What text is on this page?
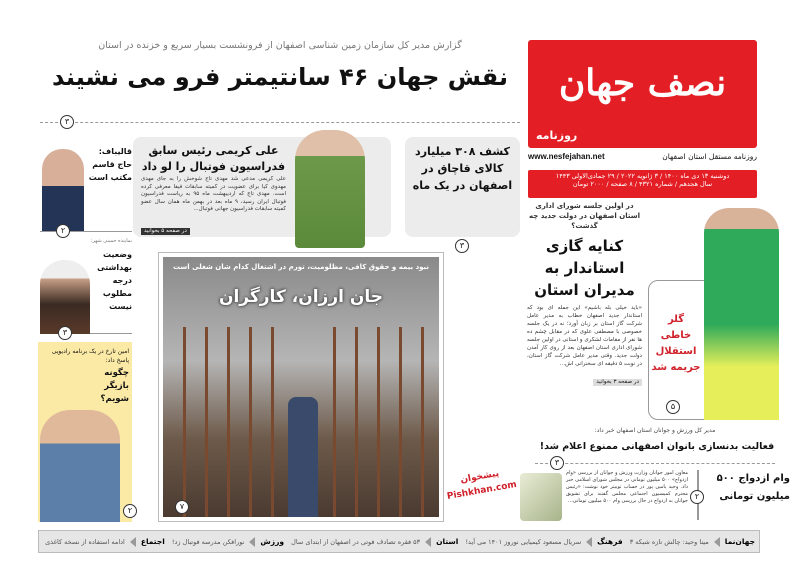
گزارش مدیر کل سازمان زمین شناسی اصفهان از فرونشست بسیار سریع و خزنده در استان
نقش جهان ۴۶ سانتیمتر فرو می نشیند
۳
نصف جهان
روزنامه
روزنامه مستقل استان اصفهان
www.nesfejahan.net
دوشنبه ۱۳ دی ماه ۱۴۰۰ / ۳ ژانویه ۲۰۲۲ / ۲۹ جمادی‌الاولی ۱۴۴۳
سال هجدهم / شماره ۴۳۲۱ / ۸ صفحه / ۲۰۰۰ تومان
کشف ۳۰۸ میلیارد کالای قاچاق در اصفهان در یک ماه
۳
علی کریمی رئیس سابق فدراسیون فوتبال را لو داد
علی کریمی مدعی شد مهدی تاج شوخش را به جای مهدی مهدوی کیا برای عضویت در کمیته سابقات فیفا معرفی کرده است. مهدی تاج که اردیبهشت ماه ۹۵ به ریاست فدراسیون فوتبال ایران رسید، ۹ ماه بعد در بهمن ماه همان سال عضو کمیته سابقات فدراسیون جهانی فوتبال...
در صفحه ۵ بخوانید
قالیباف: حاج قاسم مکتب است
۲
نماینده خمینی شهر:
وضعیت بهداشتی درجه مطلوب نیست
۳
امین تارخ در یک برنامه رادیویی پاسخ داد:
چگونه بازیگر شویم؟
۲
نبود بیمه و حقوق کافی، مظلومیت، تورم در اشتغال کدام شان شغلی است
جان ارزان، کارگران
۷
در اولین جلسه شورای اداری استان اصفهان در دولت جدید چه گذشت؟
کنایه گازی استاندار به مدیران استان
«باید خیلی بله باشیم» این جمله ای بود که استاندار جدید اصفهان خطاب به مدیر عامل شرکت گاز استان بر زبان آورد؛ نه در یک جلسه خصوصی با مصطفی علوی که در مقابل چشم ده ها نفر از مقامات لشکری و استانی در اولین جلسه شورای اداری استان اصفهان بعد از روی کار آمدن دولت جدید. وقتی مدیر عامل شرکت گاز استان، در نوبت ۵ دقیقه ای سخنرانی اش...
در صفحه ۳ بخوانید
گلر خاطی استقلال جریمه شد
۵
مدیر کل ورزش و جوانان استان اصفهان خبر داد:
فعالیت بدنسازی بانوان اصفهانی ممنوع اعلام شد!
۳
وام ازدواج ۵۰۰ میلیون تومانی
۲
معاون امور جوانان وزارت ورزش و جوانان از بررسی «وام ازدواج» ۵۰۰ میلیون تومانی در مجلس شورای اسلامی خبر داد. وحید یامین پور در حساب توییتر خود نوشت: «رئیس محترم کمیسیون اجتماعی مجلس گفتند برای تشویق جوانان به ازدواج در حال بررسی وام ۵۰۰ میلیون تومانی...
پیشخوان Pishkhan.com
جهان‌نما
مینا وحید: چالش تازه شبکه ۳
فرهنگ
سریال مسعود کیمیایی نوروز ۱۴۰۱ می آید!
استان
۵۳ فقره تصادف فوتی در اصفهان از ابتدای سال
ورزش
نورافکن مدرسه فوتبال زد!
اجتماع
ادامه استفاده از نسخه کاغذی
